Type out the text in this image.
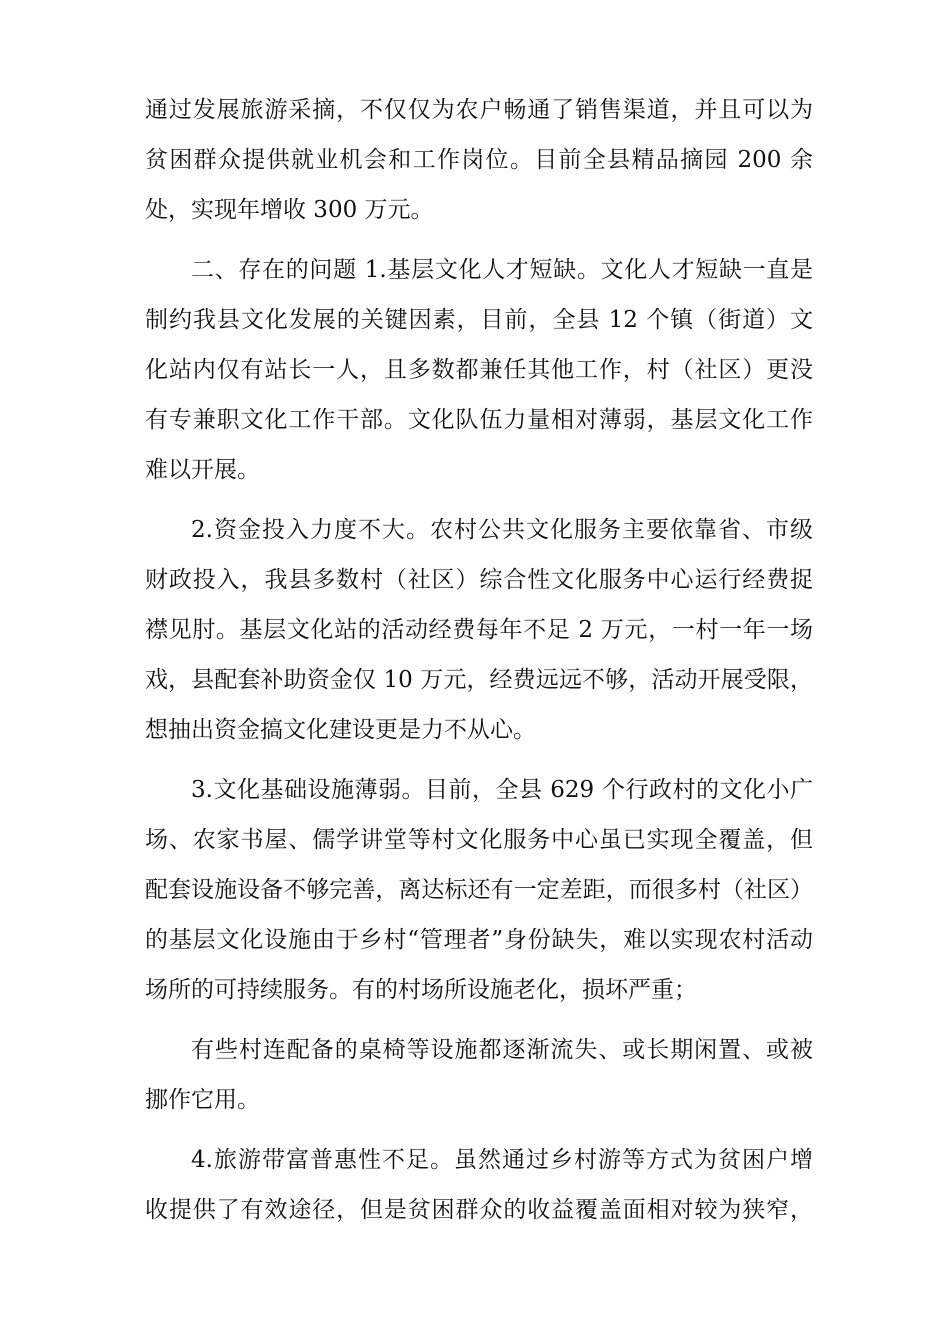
通过发展旅游采摘，不仅仅为农户畅通了销售渠道，并且可以为
贫困群众提供就业机会和工作岗位。目前全县精品摘园 200 余
处，实现年增收 300 万元。
二、存在的问题 1.基层文化人才短缺。文化人才短缺一直是
制约我县文化发展的关键因素，目前，全县 12 个镇（街道）文
化站内仅有站长一人，且多数都兼任其他工作，村（社区）更没
有专兼职文化工作干部。文化队伍力量相对薄弱，基层文化工作
难以开展。
2.资金投入力度不大。农村公共文化服务主要依靠省、市级
财政投入，我县多数村（社区）综合性文化服务中心运行经费捉
襟见肘。基层文化站的活动经费每年不足 2 万元，一村一年一场
戏，县配套补助资金仅 10 万元，经费远远不够，活动开展受限，
想抽出资金搞文化建设更是力不从心。
3.文化基础设施薄弱。目前，全县 629 个行政村的文化小广
场、农家书屋、儒学讲堂等村文化服务中心虽已实现全覆盖，但
配套设施设备不够完善，离达标还有一定差距，而很多村（社区）
的基层文化设施由于乡村“管理者”身份缺失，难以实现农村活动
场所的可持续服务。有的村场所设施老化，损坏严重；
有些村连配备的桌椅等设施都逐渐流失、或长期闲置、或被
挪作它用。
4.旅游带富普惠性不足。虽然通过乡村游等方式为贫困户增
收提供了有效途径，但是贫困群众的收益覆盖面相对较为狭窄，
